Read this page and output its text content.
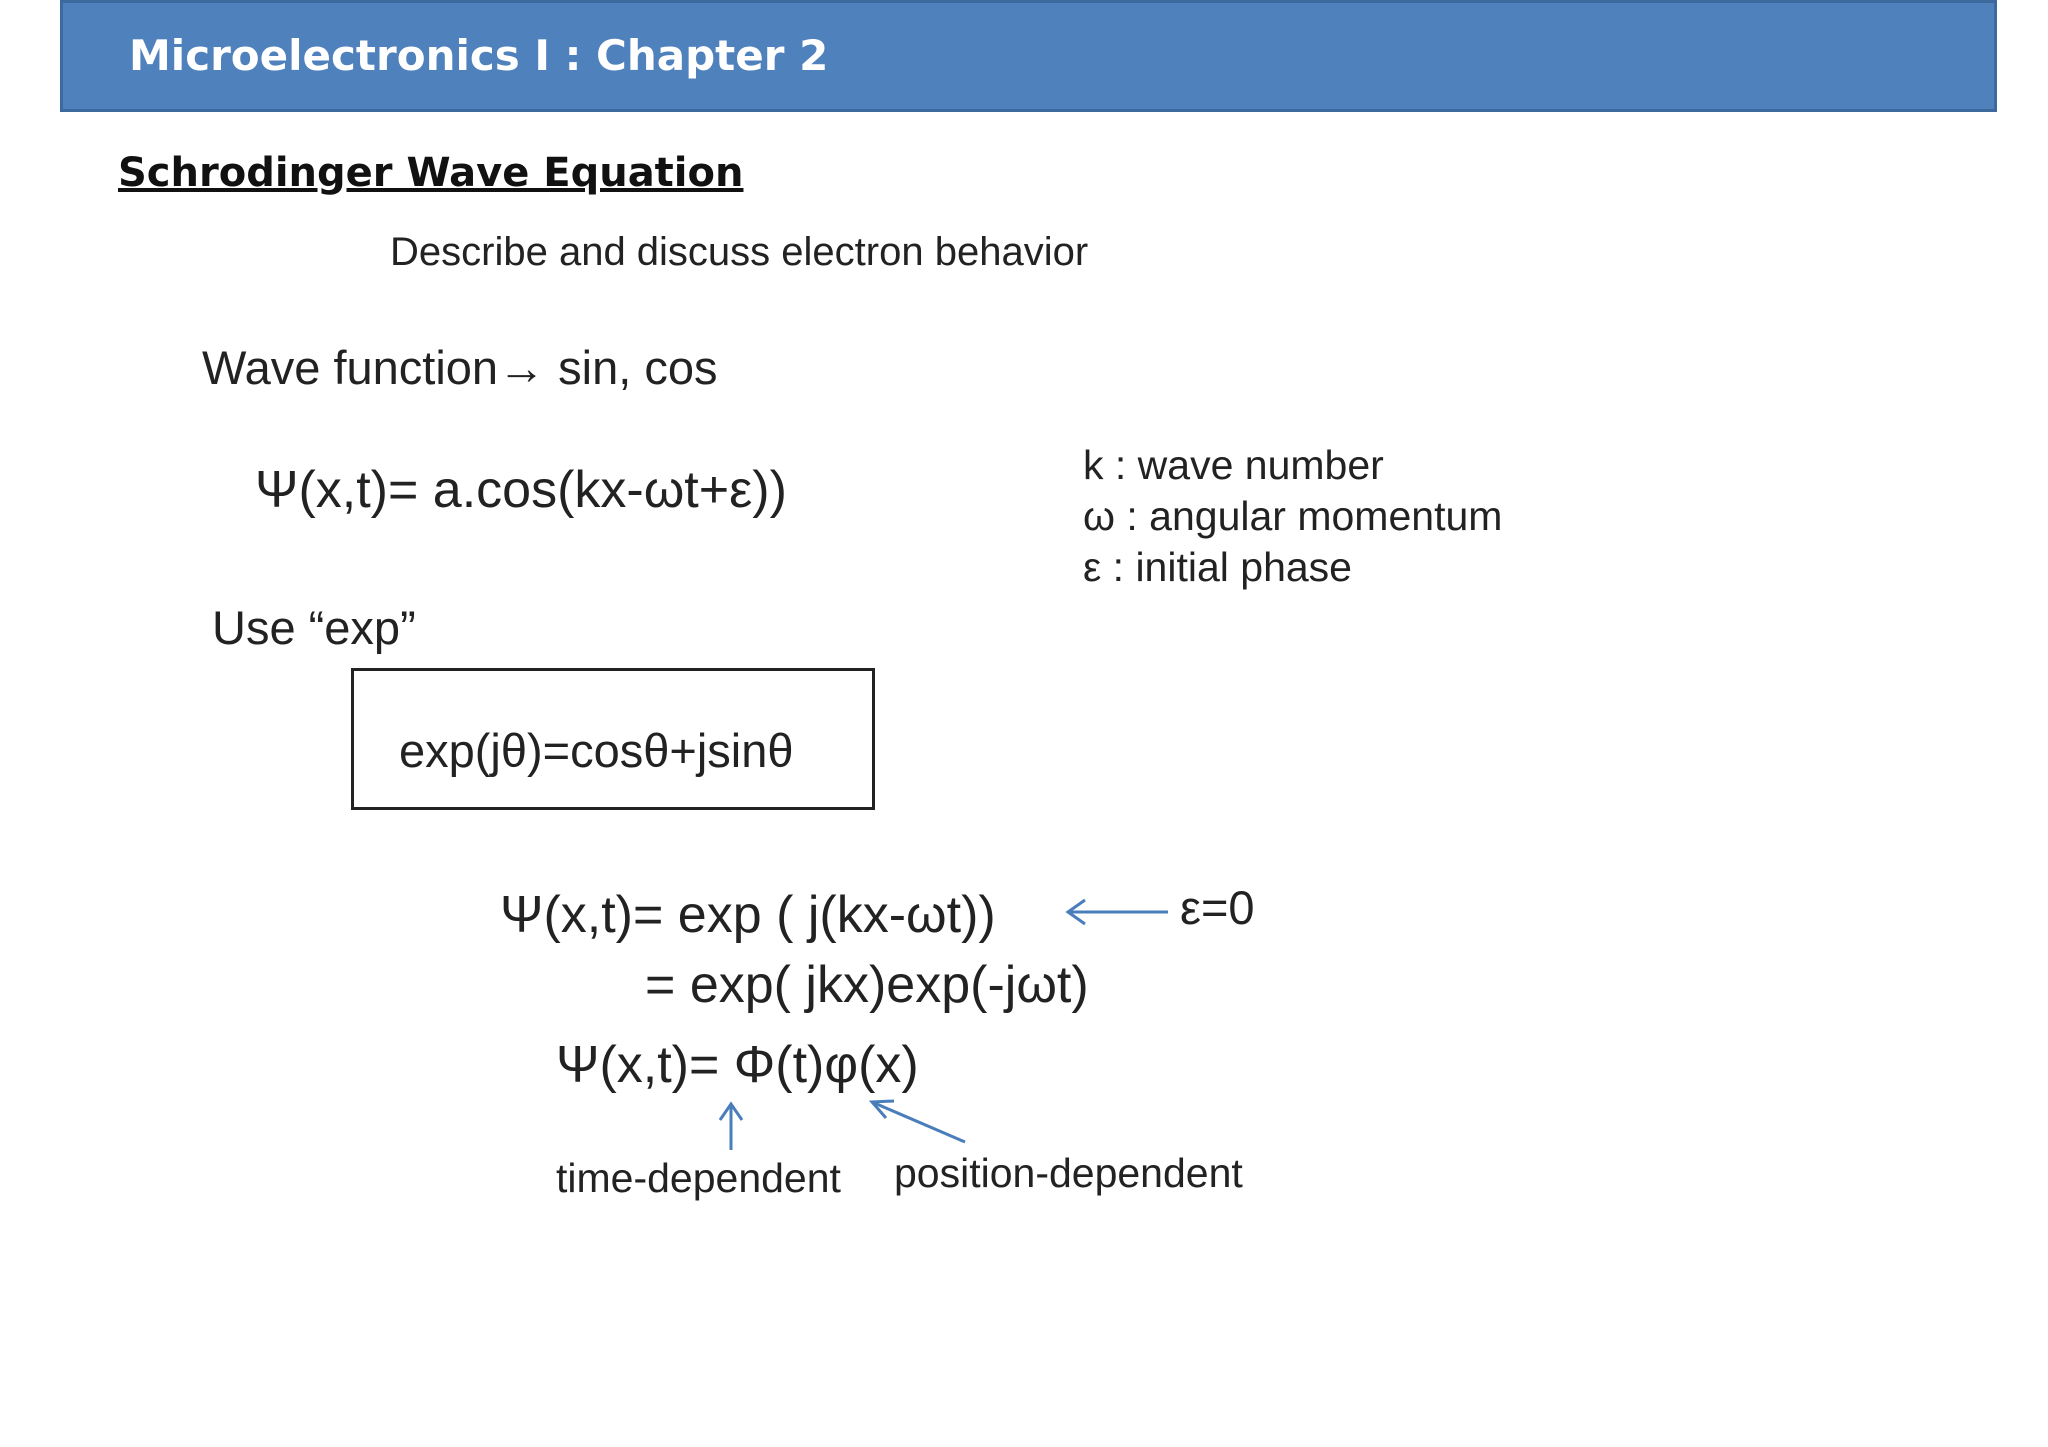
Microelectronics I : Chapter 2
Schrodinger Wave Equation
Describe and discuss electron behavior
Wave function→ sin, cos
Ψ(x,t)= a.cos(kx-ωt+ε))	k : wave number
ω : angular momentum
ε : initial phase
Use “exp”
exp(jθ)=cosθ+jsinθ
Ψ(x,t)= exp ( j(kx-ωt))
= exp( jkx)exp(-jωt)
ε=0
Ψ(x,t)= Φ(t)φ(x)
time-dependent position-dependent
